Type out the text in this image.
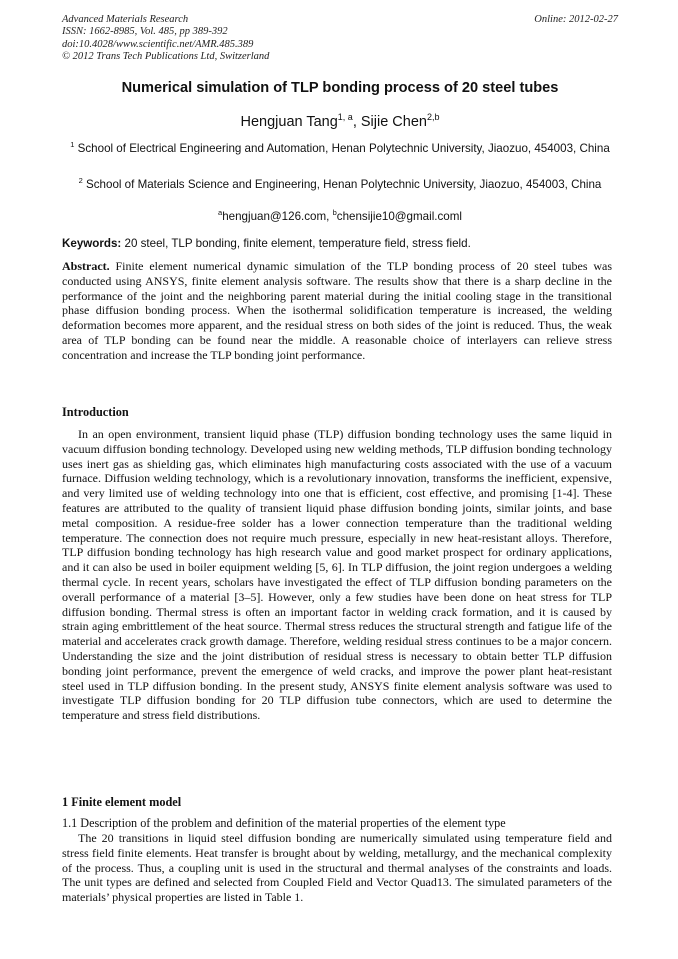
Advanced Materials Research
ISSN: 1662-8985, Vol. 485, pp 389-392
doi:10.4028/www.scientific.net/AMR.485.389
© 2012 Trans Tech Publications Ltd, Switzerland
Online: 2012-02-27
Numerical simulation of TLP bonding process of 20 steel tubes
Hengjuan Tang$^{1, a}$, Sijie Chen$^{2,b}$
$^1$ School of Electrical Engineering and Automation, Henan Polytechnic University, Jiaozuo, 454003, China
$^2$ School of Materials Science and Engineering, Henan Polytechnic University, Jiaozuo, 454003, China
$^a$hengjuan@126.com, $^b$chensijie10@gmail.coml
Keywords: 20 steel, TLP bonding, finite element, temperature field, stress field.
Abstract. Finite element numerical dynamic simulation of the TLP bonding process of 20 steel tubes was conducted using ANSYS, finite element analysis software. The results show that there is a sharp decline in the performance of the joint and the neighboring parent material during the initial cooling stage in the transitional phase diffusion bonding process. When the isothermal solidification temperature is increased, the welding deformation becomes more apparent, and the residual stress on both sides of the joint is reduced. Thus, the weak area of TLP bonding can be found near the middle. A reasonable choice of interlayers can relieve stress concentration and increase the TLP bonding joint performance.
Introduction
In an open environment, transient liquid phase (TLP) diffusion bonding technology uses the same liquid in vacuum diffusion bonding technology. Developed using new welding methods, TLP diffusion bonding technology uses inert gas as shielding gas, which eliminates high manufacturing costs associated with the use of a vacuum furnace. Diffusion welding technology, which is a revolutionary innovation, transforms the inefficient, expensive, and very limited use of welding technology into one that is efficient, cost effective, and promising [1-4]. These features are attributed to the quality of transient liquid phase diffusion bonding joints, similar joints, and base metal composition. A residue-free solder has a lower connection temperature than the traditional welding temperature. The connection does not require much pressure, especially in new heat-resistant alloys. Therefore, TLP diffusion bonding technology has high research value and good market prospect for ordinary applications, and it can also be used in boiler equipment welding [5, 6]. In TLP diffusion, the joint region undergoes a welding thermal cycle. In recent years, scholars have investigated the effect of TLP diffusion bonding parameters on the overall performance of a material [3–5]. However, only a few studies have been done on heat stress for TLP diffusion bonding. Thermal stress is often an important factor in welding crack formation, and it is caused by strain aging embrittlement of the heat source. Thermal stress reduces the structural strength and fatigue life of the material and accelerates crack growth damage. Therefore, welding residual stress continues to be a major concern. Understanding the size and the joint distribution of residual stress is necessary to obtain better TLP diffusion bonding joint performance, prevent the emergence of weld cracks, and improve the power plant heat-resistant steel used in TLP diffusion bonding. In the present study, ANSYS finite element analysis software was used to investigate TLP diffusion bonding for 20 TLP diffusion tube connectors, which are used to determine the temperature and stress field distributions.
1 Finite element model
1.1 Description of the problem and definition of the material properties of the element type
The 20 transitions in liquid steel diffusion bonding are numerically simulated using temperature field and stress field finite elements. Heat transfer is brought about by welding, metallurgy, and the mechanical complexity of the process. Thus, a coupling unit is used in the structural and thermal analyses of the constraints and loads. The unit types are defined and selected from Coupled Field and Vector Quad13. The simulated parameters of the materials’ physical properties are listed in Table 1.
